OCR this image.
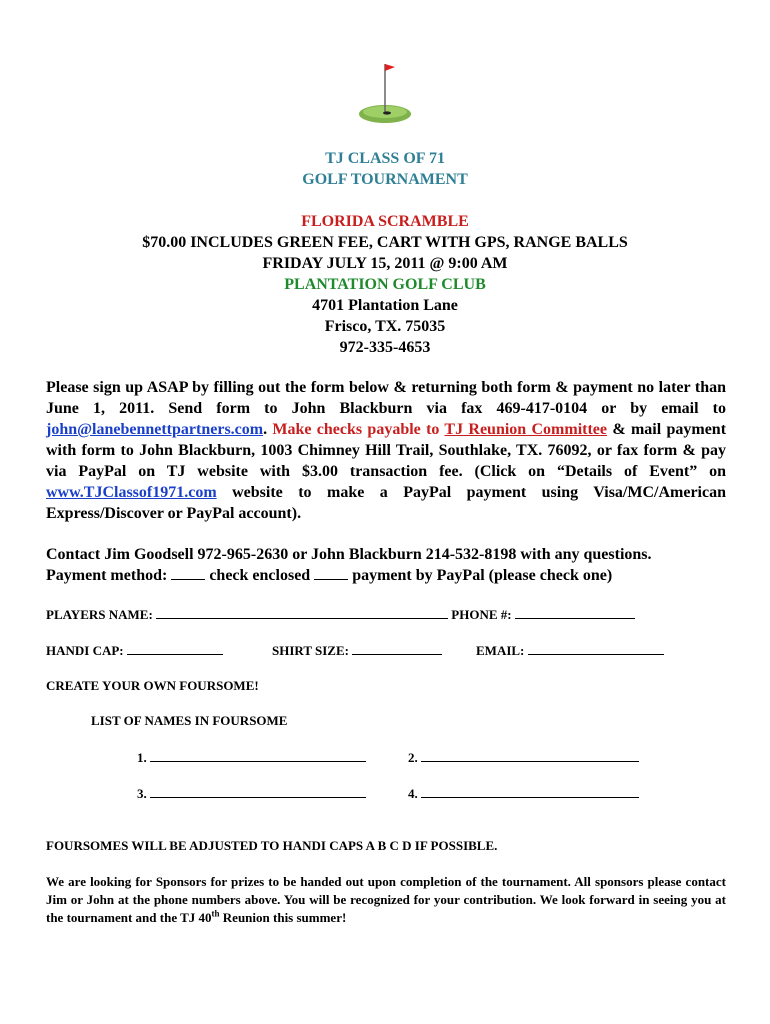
TJ CLASS OF 71
GOLF TOURNAMENT
FLORIDA SCRAMBLE
$70.00 INCLUDES GREEN FEE, CART WITH GPS, RANGE BALLS
FRIDAY JULY 15, 2011 @ 9:00 AM
PLANTATION GOLF CLUB
4701 Plantation Lane
Frisco, TX. 75035
972-335-4653
Please sign up ASAP by filling out the form below & returning both form & payment no later than June 1, 2011. Send form to John Blackburn via fax 469-417-0104 or by email to john@lanebennettpartners.com. Make checks payable to TJ Reunion Committee & mail payment with form to John Blackburn, 1003 Chimney Hill Trail, Southlake, TX. 76092, or fax form & pay via PayPal on TJ website with $3.00 transaction fee. (Click on “Details of Event” on www.TJClassof1971.com website to make a PayPal payment using Visa/MC/American Express/Discover or PayPal account).
Contact Jim Goodsell 972-965-2630 or John Blackburn 214-532-8198 with any questions.
Payment method:	check enclosed	payment by PayPal (please check one)
PLAYERS NAME:	PHONE #:
HANDI CAP:	SHIRT SIZE:	EMAIL:
CREATE YOUR OWN FOURSOME!
LIST OF NAMES IN FOURSOME
1.	2.
3.	4.
FOURSOMES WILL BE ADJUSTED TO HANDI CAPS A B C D IF POSSIBLE.
We are looking for Sponsors for prizes to be handed out upon completion of the tournament. All sponsors please contact Jim or John at the phone numbers above. You will be recognized for your contribution. We look forward in seeing you at the tournament and the TJ 40th Reunion this summer!
